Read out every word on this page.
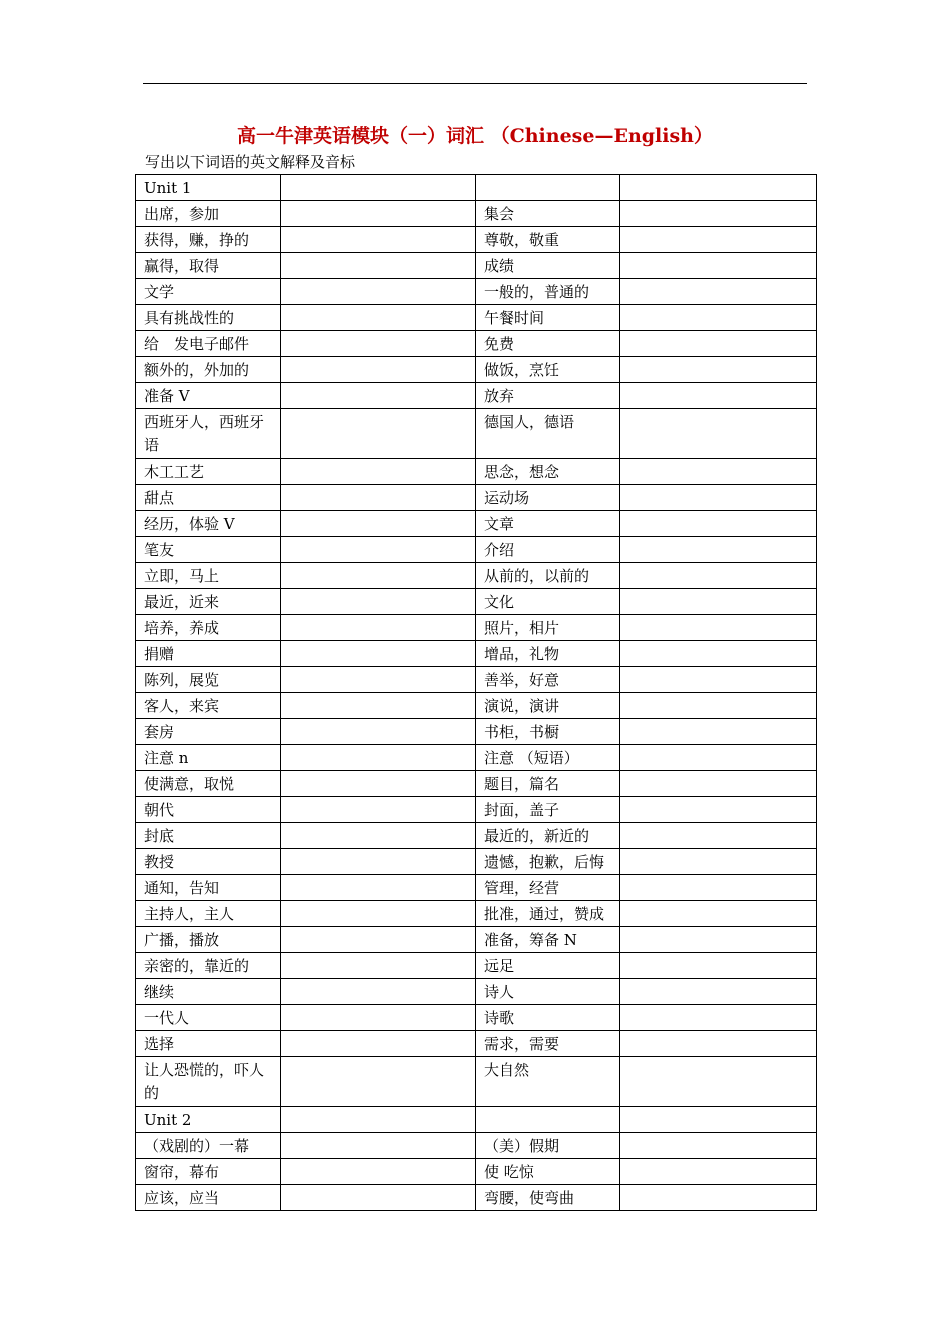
高一牛津英语模块（一）词汇 （Chinese—English）
写出以下词语的英文解释及音标
Unit 1			
出席，参加		集会	
获得，赚，挣的		尊敬，敬重	
赢得，取得		成绩	
文学		一般的，普通的	
具有挑战性的		午餐时间	
给　发电子邮件		免费	
额外的，外加的		做饭，烹饪	
准备 V		放弃	
西班牙人，西班牙语		德国人，德语	
木工工艺		思念，想念	
甜点		运动场	
经历，体验 V		文章	
笔友		介绍	
立即，马上		从前的，以前的	
最近，近来		文化	
培养，养成		照片，相片	
捐赠		增品，礼物	
陈列，展览		善举，好意	
客人，来宾		演说，演讲	
套房		书柜，书橱	
注意 n		注意 （短语）	
使满意，取悦		题目，篇名	
朝代		封面，盖子	
封底		最近的，新近的	
教授		遗憾，抱歉，后悔	
通知，告知		管理，经营	
主持人，主人		批准，通过，赞成	
广播，播放		准备，筹备 N	
亲密的，靠近的		远足	
继续		诗人	
一代人		诗歌	
选择		需求，需要	
让人恐慌的，吓人的		大自然	
Unit 2			
（戏剧的）一幕		（美）假期	
窗帘，幕布		使 吃惊	
应该，应当		弯腰，使弯曲	
